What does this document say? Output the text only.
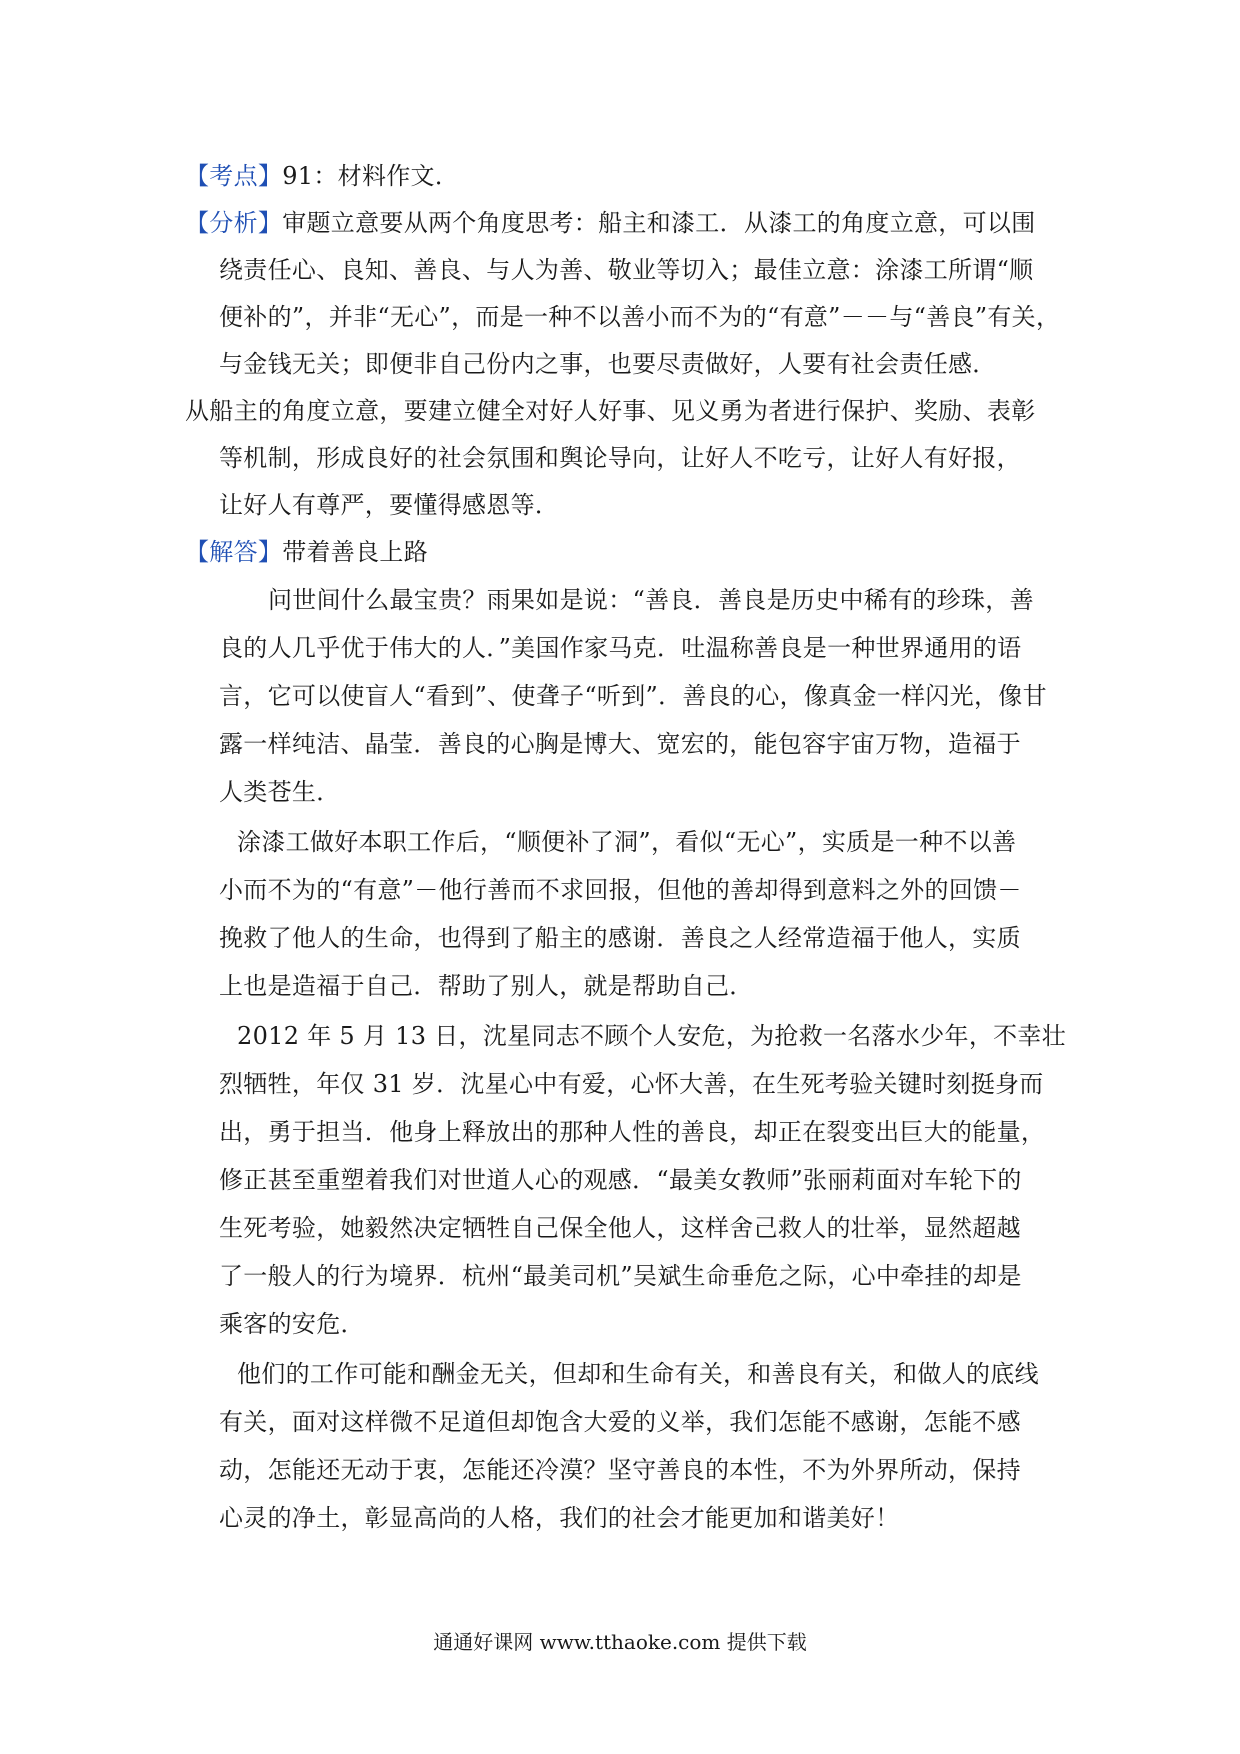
【考点】91：材料作文．
【分析】审题立意要从两个角度思考：船主和漆工．从漆工的角度立意，可以围
绕责任心、良知、善良、与人为善、敬业等切入；最佳立意：涂漆工所谓“顺
便补的”，并非“无心”，而是一种不以善小而不为的“有意”－－与“善良”有关，
与金钱无关；即便非自己份内之事，也要尽责做好，人要有社会责任感．
从船主的角度立意，要建立健全对好人好事、见义勇为者进行保护、奖励、表彰
等机制，形成良好的社会氛围和舆论导向，让好人不吃亏，让好人有好报，
让好人有尊严，要懂得感恩等．
【解答】带着善良上路
问世间什么最宝贵？雨果如是说：“善良．善良是历史中稀有的珍珠，善
良的人几乎优于伟大的人．”美国作家马克．吐温称善良是一种世界通用的语
言，它可以使盲人“看到”、使聋子“听到”．善良的心，像真金一样闪光，像甘
露一样纯洁、晶莹．善良的心胸是博大、宽宏的，能包容宇宙万物，造福于
人类苍生．
涂漆工做好本职工作后，“顺便补了洞”，看似“无心”，实质是一种不以善
小而不为的“有意”－他行善而不求回报，但他的善却得到意料之外的回馈－
挽救了他人的生命，也得到了船主的感谢．善良之人经常造福于他人，实质
上也是造福于自己．帮助了别人，就是帮助自己．
2012 年 5 月 13 日，沈星同志不顾个人安危，为抢救一名落水少年，不幸壮
烈牺牲，年仅 31 岁．沈星心中有爱，心怀大善，在生死考验关键时刻挺身而
出，勇于担当．他身上释放出的那种人性的善良，却正在裂变出巨大的能量，
修正甚至重塑着我们对世道人心的观感．“最美女教师”张丽莉面对车轮下的
生死考验，她毅然决定牺牲自己保全他人，这样舍己救人的壮举，显然超越
了一般人的行为境界．杭州“最美司机”吴斌生命垂危之际，心中牵挂的却是
乘客的安危．
他们的工作可能和酬金无关，但却和生命有关，和善良有关，和做人的底线
有关，面对这样微不足道但却饱含大爱的义举，我们怎能不感谢，怎能不感
动，怎能还无动于衷，怎能还冷漠？坚守善良的本性，不为外界所动，保持
心灵的净土，彰显高尚的人格，我们的社会才能更加和谐美好！
通通好课网 www.tthaoke.com 提供下载
